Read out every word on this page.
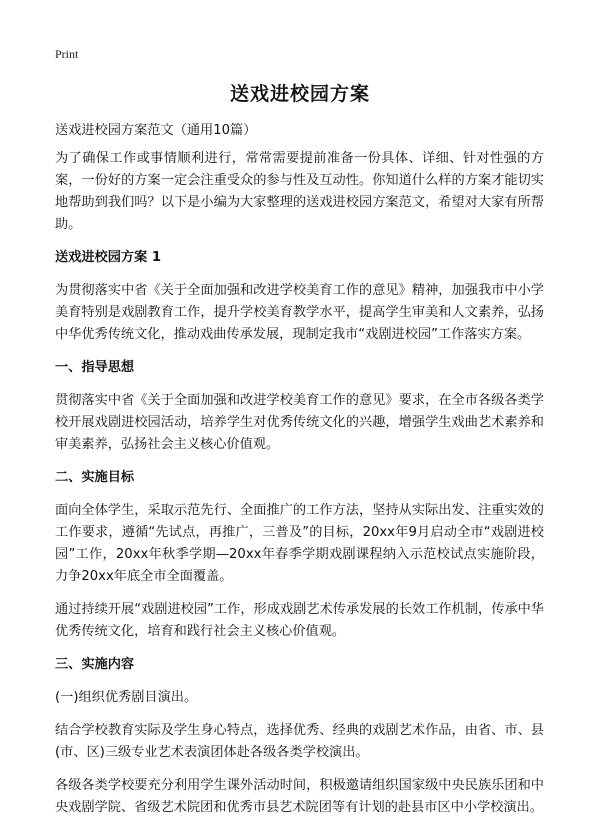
Print
送戏进校园方案

送戏进校园方案范文（通用10篇）

为了确保工作或事情顺利进行，常常需要提前准备一份具体、详细、针对性强的方案，一份好的方案一定会注重受众的参与性及互动性。你知道什么样的方案才能切实地帮助到我们吗？以下是小编为大家整理的送戏进校园方案范文，希望对大家有所帮助。

送戏进校园方案 1

为贯彻落实中省《关于全面加强和改进学校美育工作的意见》精神，加强我市中小学美育特别是戏剧教育工作，提升学校美育教学水平，提高学生审美和人文素养，弘扬中华优秀传统文化，推动戏曲传承发展，现制定我市“戏剧进校园”工作落实方案。

一、指导思想

贯彻落实中省《关于全面加强和改进学校美育工作的意见》要求，在全市各级各类学校开展戏剧进校园活动，培养学生对优秀传统文化的兴趣，增强学生戏曲艺术素养和审美素养，弘扬社会主义核心价值观。

二、实施目标

面向全体学生，采取示范先行、全面推广的工作方法，坚持从实际出发、注重实效的工作要求，遵循“先试点，再推广，三普及”的目标，20xx年9月启动全市“戏剧进校园”工作，20xx年秋季学期—20xx年春季学期戏剧课程纳入示范校试点实施阶段，力争20xx年底全市全面覆盖。

通过持续开展“戏剧进校园”工作，形成戏剧艺术传承发展的长效工作机制，传承中华优秀传统文化，培育和践行社会主义核心价值观。

三、实施内容

(一)组织优秀剧目演出。

结合学校教育实际及学生身心特点，选择优秀、经典的戏剧艺术作品，由省、市、县(市、区)三级专业艺术表演团体赴各级各类学校演出。

各级各类学校要充分利用学生课外活动时间，积极邀请组织国家级中央民族乐团和中央戏剧学院、省级艺术院团和优秀市县艺术院团等有计划的赴县市区中小学校演出。
